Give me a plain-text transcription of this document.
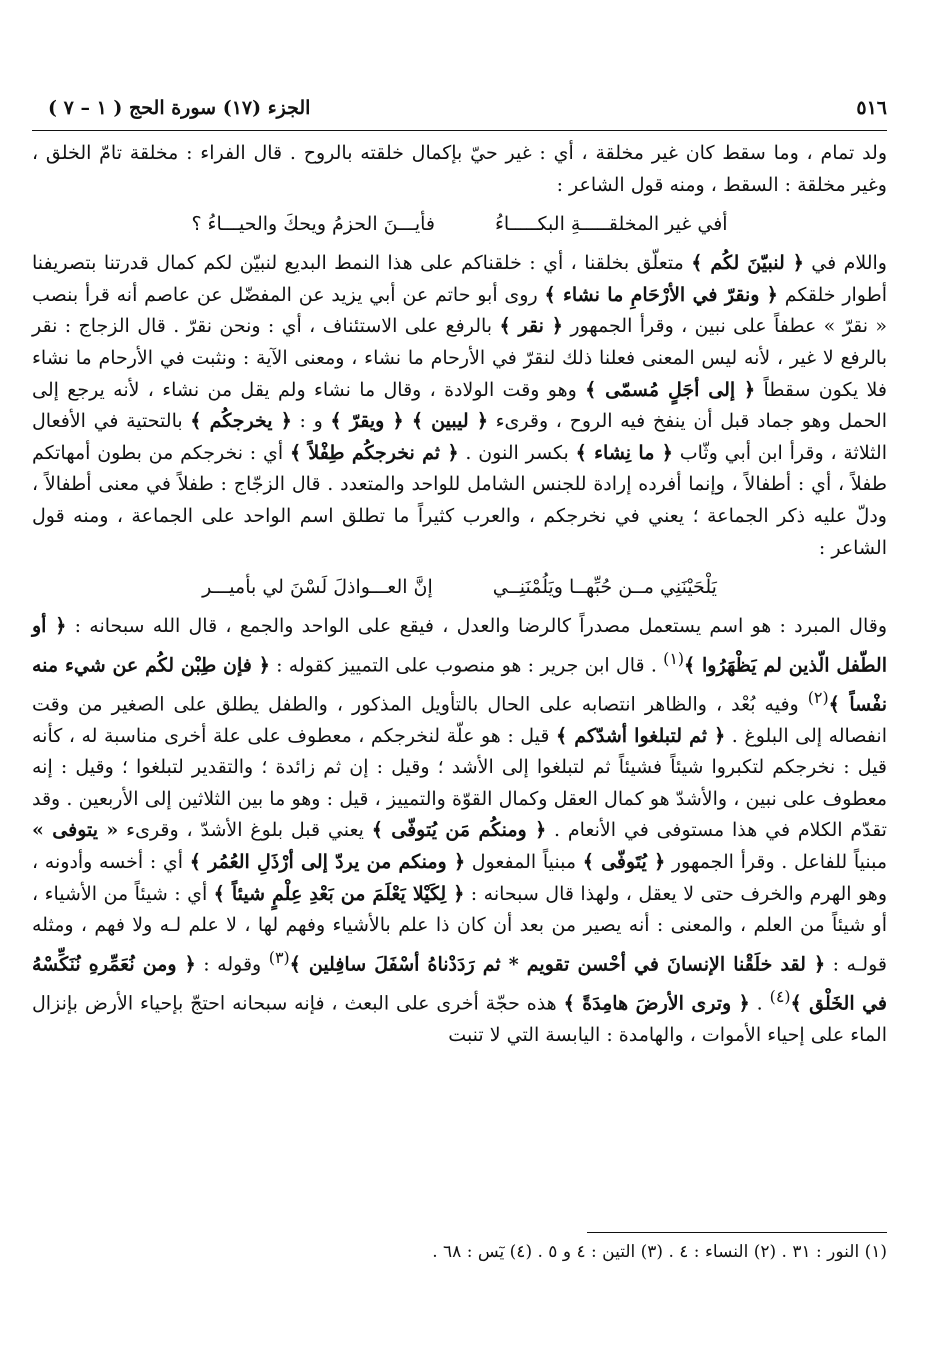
٥١٦
الجزء (١٧) سورة الحج ( ١ – ٧ )

ولد تمام ، وما سقط كان غير مخلقة ، أي : غير حيّ بإكمال خلقته بالروح . قال الفراء : مخلقة تامّ الخلق ، وغير مخلقة : السقط ، ومنه قول الشاعر :

أفي غير المخلقـــــةِ البكـــــاءُ
فأيـــنَ الحزمُ ويحكَ والحيـــاءُ ؟

واللام في ﴿ لنبيّنَ لكُم ﴾ متعلّق بخلقنا ، أي : خلقناكم على هذا النمط البديع لنبيّن لكم كمال قدرتنا بتصريفنا أطوار خلقكم ﴿ ونقرّ في الأرْحَامِ ما نشاء ﴾ روى أبو حاتم عن أبي يزيد عن المفضّل عن عاصم أنه قرأ بنصب « نقرّ » عطفاً على نبين ، وقرأ الجمهور ﴿ نقر ﴾ بالرفع على الاستئناف ، أي : ونحن نقرّ . قال الزجاج : نقر بالرفع لا غير ، لأنه ليس المعنى فعلنا ذلك لنقرّ في الأرحام ما نشاء ، ومعنى الآية : ونثبت في الأرحام ما نشاء فلا يكون سقطاً ﴿ إلى أجَلٍ مُسمّى ﴾ وهو وقت الولادة ، وقال ما نشاء ولم يقل من نشاء ، لأنه يرجع إلى الحمل وهو جماد قبل أن ينفخ فيه الروح ، وقرىء ﴿ ليبين ﴾ ﴿ ويقرّ ﴾ و : ﴿ يخرجكُم ﴾ بالتحتية في الأفعال الثلاثة ، وقرأ ابن أبي وثّاب ﴿ ما نِشاء ﴾ بكسر النون . ﴿ ثم نخرجكُم طِفْلاً ﴾ أي : نخرجكم من بطون أمهاتكم طفلاً ، أي : أطفالاً ، وإنما أفرده إرادة للجنس الشامل للواحد والمتعدد . قال الزجّاج : طفلاً في معنى أطفالاً ، ودلّ عليه ذكر الجماعة ؛ يعني في نخرجكم ، والعرب كثيراً ما تطلق اسم الواحد على الجماعة ، ومنه قول الشاعر :

يَلْحَيْنَنِي مــن حُبِّهــا ويَلُمْنَنِــي
إنَّ العـــواذلَ لَسْنَ لي بأميـــر

وقال المبرد : هو اسم يستعمل مصدراً كالرضا والعدل ، فيقع على الواحد والجمع ، قال الله سبحانه : ﴿ أو الطّفل الّذين لم يَظْهَرُوا ﴾$^{(١)}$ . قال ابن جرير : هو منصوب على التمييز كقوله : ﴿ فإن طِبْن لكُم عن شيء منه نفْساً ﴾$^{(٢)}$ وفيه بُعْد ، والظاهر انتصابه على الحال بالتأويل المذكور ، والطفل يطلق على الصغير من وقت انفصاله إلى البلوغ . ﴿ ثم لتبلغوا أشدّكم ﴾ قيل : هو علّة لنخرجكم ، معطوف على علة أخرى مناسبة له ، كأنه قيل : نخرجكم لتكبروا شيئاً فشيئاً ثم لتبلغوا إلى الأشد ؛ وقيل : إن ثم زائدة ؛ والتقدير لتبلغوا ؛ وقيل : إنه معطوف على نبين ، والأشدّ هو كمال العقل وكمال القوّة والتمييز ، قيل : وهو ما بين الثلاثين إلى الأربعين . وقد تقدّم الكلام في هذا مستوفى في الأنعام . ﴿ ومنكُم مَن يُتوفّى ﴾ يعني قبل بلوغ الأشدّ ، وقرىء « يتوفى » مبنياً للفاعل . وقرأ الجمهور ﴿ يُتَوفّى ﴾ مبنياً المفعول ﴿ ومنكم من يردّ إلى أرْذَلِ العُمُر ﴾ أي : أخسه وأدونه ، وهو الهرم والخرف حتى لا يعقل ، ولهذا قال سبحانه : ﴿ لِكَيْلا يَعْلَمَ من بَعْدِ عِلْمٍ شيئاً ﴾ أي : شيئاً من الأشياء ، أو شيئاً من العلم ، والمعنى : أنه يصير من بعد أن كان ذا علم بالأشياء وفهم لها ، لا علم لـه ولا فهم ، ومثله قولـه : ﴿ لقد خلَقْنا الإنسانَ في أحْسن تقويم * ثم رَدَدْناهُ أسْفَلَ سافِلين ﴾$^{(٣)}$ وقوله : ﴿ ومن نُعَمِّرهِ نُنَكِّسْهُ في الخَلْق ﴾$^{(٤)}$ . ﴿ وترى الأرضَ هامِدَةً ﴾ هذه حجّة أخرى على البعث ، فإنه سبحانه احتجّ بإحياء الأرض بإنزال الماء على إحياء الأموات ، والهامدة : اليابسة التي لا تنبت

(١) النور : ٣١ . (٢) النساء : ٤ . (٣) التين : ٤ و ٥ . (٤) يٓس : ٦٨ .
